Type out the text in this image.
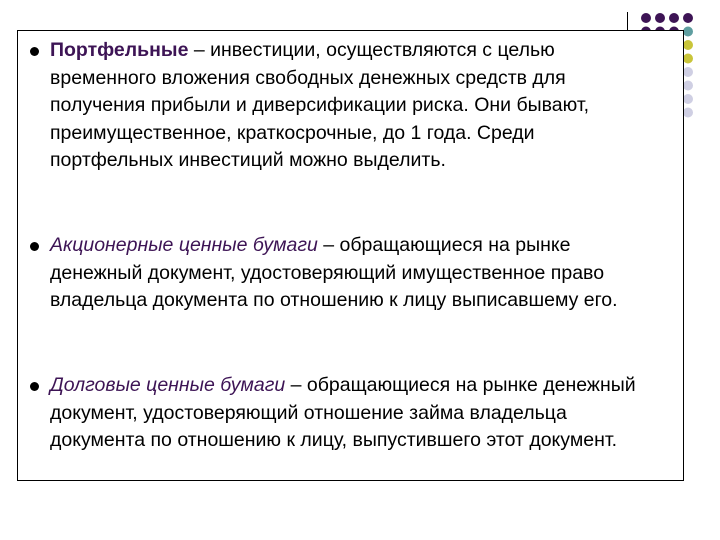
Портфельные – инвестиции, осуществляются с целью временного вложения свободных денежных средств для получения прибыли и диверсификации риска. Они бывают, преимущественное, краткосрочные, до 1 года. Среди портфельных инвестиций можно выделить.
Акционерные ценные бумаги – обращающиеся на рынке денежный документ, удостоверяющий имущественное право владельца документа по отношению к лицу выписавшему его.
Долговые ценные бумаги – обращающиеся на рынке денежный документ, удостоверяющий отношение займа владельца документа по отношению к лицу, выпустившего этот документ.
